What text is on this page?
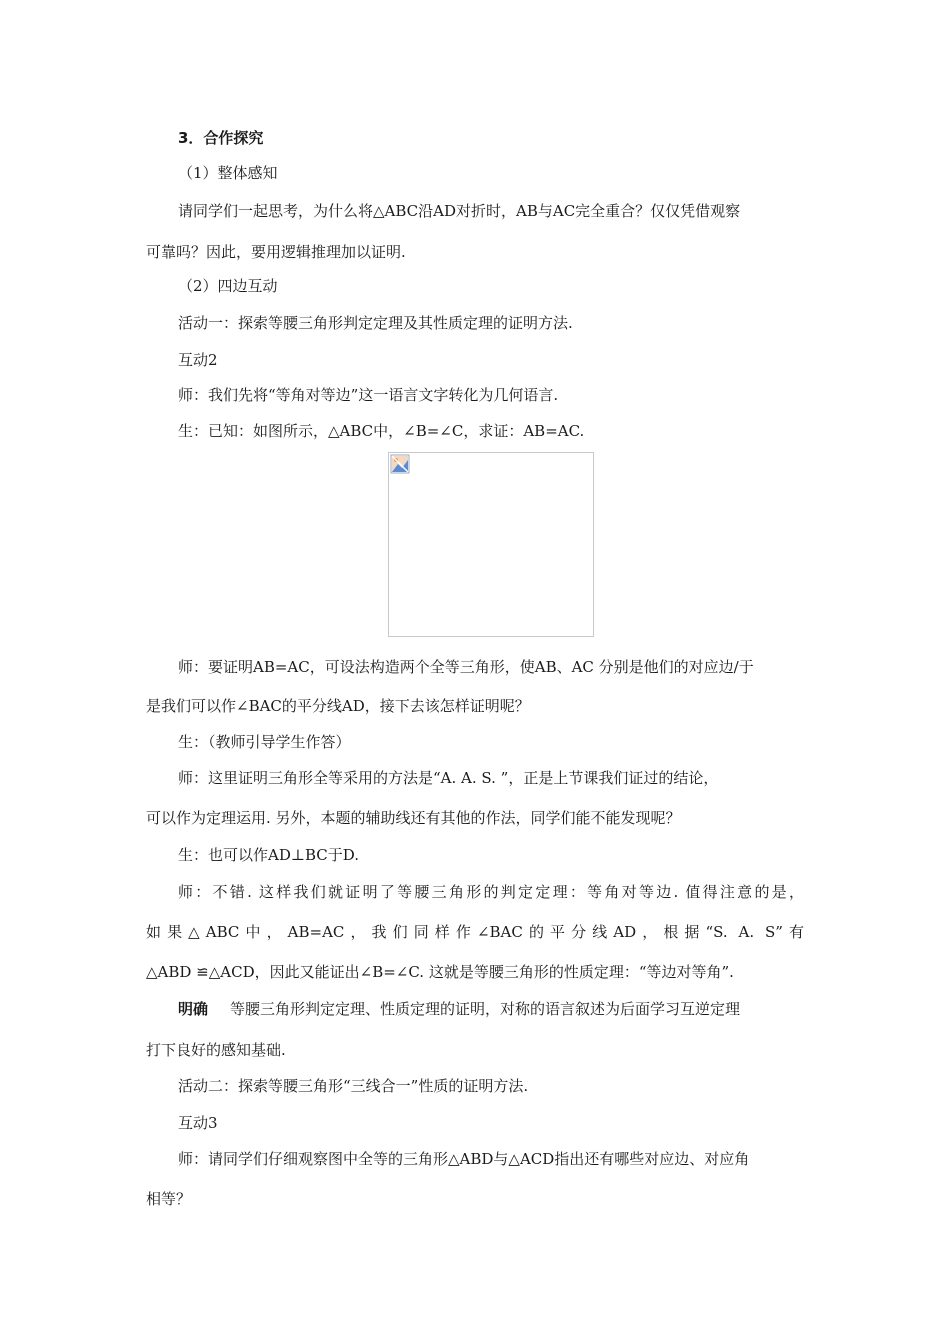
3．合作探究
（1）整体感知
请同学们一起思考，为什么将△ABC沿AD对折时，AB与AC完全重合？仅仅凭借观察
可靠吗？因此，要用逻辑推理加以证明.
（2）四边互动
活动一：探索等腰三角形判定定理及其性质定理的证明方法.
互动2
师：我们先将“等角对等边”这一语言文字转化为几何语言.
生：已知：如图所示，△ABC中，∠B=∠C，求证：AB=AC.
师：要证明AB=AC，可设法构造两个全等三角形，使AB、AC 分别是他们的对应边/于
是我们可以作∠BAC的平分线AD，接下去该怎样证明呢？
生：（教师引导学生作答）
师：这里证明三角形全等采用的方法是“A. A. S. ”，正是上节课我们证过的结论，
可以作为定理运用. 另外，本题的辅助线还有其他的作法，同学们能不能发现呢？
生：也可以作AD⊥BC于D.
师：不错. 这样我们就证明了等腰三角形的判定定理：等角对等边. 值得注意的是，
如果△ABC中，AB=AC，我们同样作∠BAC的平分线AD，根据“S. A. S”有
△ABD ≌△ACD，因此又能证出∠B=∠C. 这就是等腰三角形的性质定理：“等边对等角”.
明确 等腰三角形判定定理、性质定理的证明，对称的语言叙述为后面学习互逆定理
打下良好的感知基础.
活动二：探索等腰三角形“三线合一”性质的证明方法.
互动3
师：请同学们仔细观察图中全等的三角形△ABD与△ACD指出还有哪些对应边、对应角
相等？
